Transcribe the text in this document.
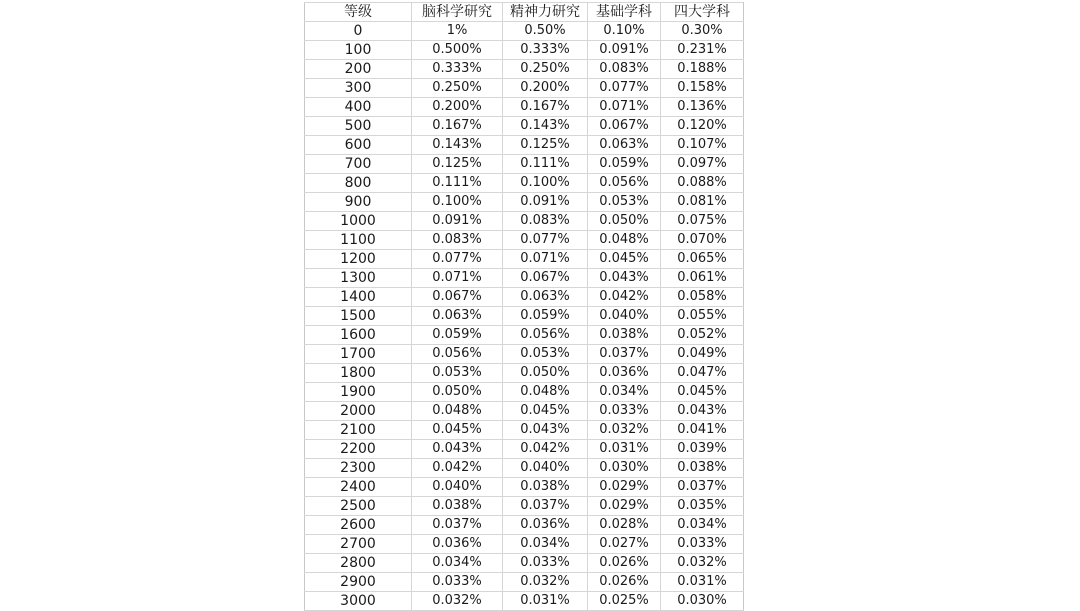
等级	脑科学研究	精神力研究	基础学科	四大学科
0	1%	0.50%	0.10%	0.30%
100	0.500%	0.333%	0.091%	0.231%
200	0.333%	0.250%	0.083%	0.188%
300	0.250%	0.200%	0.077%	0.158%
400	0.200%	0.167%	0.071%	0.136%
500	0.167%	0.143%	0.067%	0.120%
600	0.143%	0.125%	0.063%	0.107%
700	0.125%	0.111%	0.059%	0.097%
800	0.111%	0.100%	0.056%	0.088%
900	0.100%	0.091%	0.053%	0.081%
1000	0.091%	0.083%	0.050%	0.075%
1100	0.083%	0.077%	0.048%	0.070%
1200	0.077%	0.071%	0.045%	0.065%
1300	0.071%	0.067%	0.043%	0.061%
1400	0.067%	0.063%	0.042%	0.058%
1500	0.063%	0.059%	0.040%	0.055%
1600	0.059%	0.056%	0.038%	0.052%
1700	0.056%	0.053%	0.037%	0.049%
1800	0.053%	0.050%	0.036%	0.047%
1900	0.050%	0.048%	0.034%	0.045%
2000	0.048%	0.045%	0.033%	0.043%
2100	0.045%	0.043%	0.032%	0.041%
2200	0.043%	0.042%	0.031%	0.039%
2300	0.042%	0.040%	0.030%	0.038%
2400	0.040%	0.038%	0.029%	0.037%
2500	0.038%	0.037%	0.029%	0.035%
2600	0.037%	0.036%	0.028%	0.034%
2700	0.036%	0.034%	0.027%	0.033%
2800	0.034%	0.033%	0.026%	0.032%
2900	0.033%	0.032%	0.026%	0.031%
3000	0.032%	0.031%	0.025%	0.030%
